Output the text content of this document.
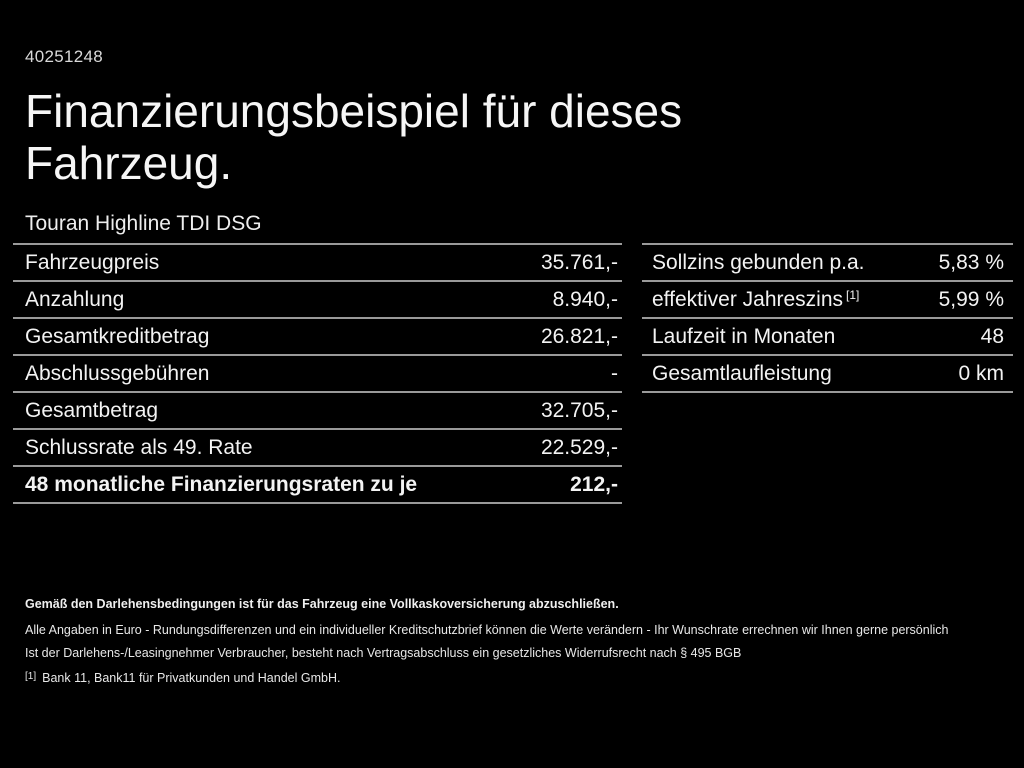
40251248
Finanzierungsbeispiel für dieses Fahrzeug.
Touran Highline TDI DSG
Fahrzeugpreis	35.761,-
Anzahlung	8.940,-
Gesamtkreditbetrag	26.821,-
Abschlussgebühren	-
Gesamtbetrag	32.705,-
Schlussrate als 49. Rate	22.529,-
48 monatliche Finanzierungsraten zu je	212,-
Sollzins gebunden p.a.	5,83 %
effektiver Jahreszins [1]	5,99 %
Laufzeit in Monaten	48
Gesamtlaufleistung	0 km
Gemäß den Darlehensbedingungen ist für das Fahrzeug eine Vollkaskoversicherung abzuschließen.
Alle Angaben in Euro - Rundungsdifferenzen und ein individueller Kreditschutzbrief können die Werte verändern - Ihr Wunschrate errechnen wir Ihnen gerne persönlich
Ist der Darlehens-/Leasingnehmer Verbraucher, besteht nach Vertragsabschluss ein gesetzliches Widerrufsrecht nach § 495 BGB
[1] Bank 11, Bank11 für Privatkunden und Handel GmbH.
